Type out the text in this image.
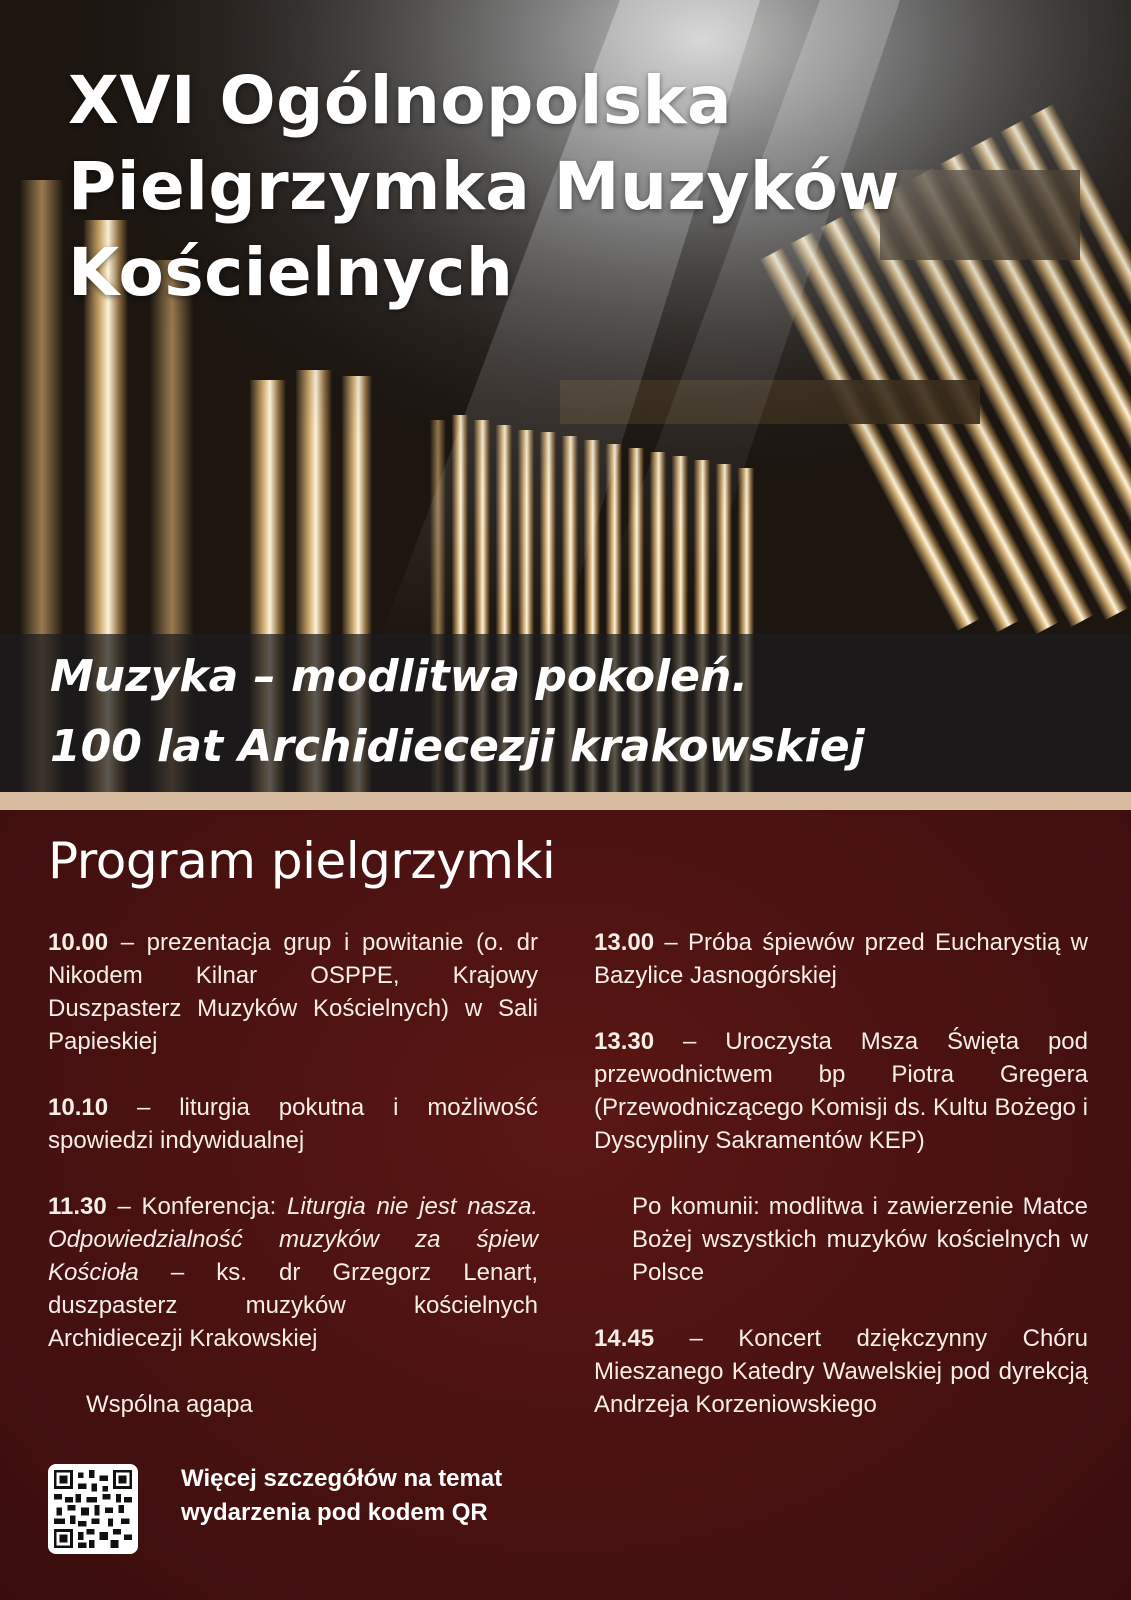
XVI Ogólnopolska
Pielgrzymka Muzyków
Kościelnych
Muzyka – modlitwa pokoleń.
100 lat Archidiecezji krakowskiej
Program pielgrzymki

10.00 – prezentacja grup i powitanie (o. dr Nikodem Kilnar OSPPE, Krajowy Duszpasterz Muzyków Kościelnych) w Sali Papieskiej

10.10 – liturgia pokutna i możliwość spowiedzi indywidualnej

11.30 – Konferencja: Liturgia nie jest nasza. Odpowiedzialność muzyków za śpiew Kościoła – ks. dr Grzegorz Lenart, duszpasterz muzyków kościelnych Archidiecezji Krakowskiej

Wspólna agapa

13.00 – Próba śpiewów przed Eucharystią w Bazylice Jasnogórskiej

13.30 – Uroczysta Msza Święta pod przewodnictwem bp Piotra Gregera (Przewodniczącego Komisji ds. Kultu Bożego i Dyscypliny Sakramentów KEP)

Po komunii: modlitwa i zawierzenie Matce Bożej wszystkich muzyków kościelnych w Polsce

14.45 – Koncert dziękczynny Chóru Mieszanego Katedry Wawelskiej pod dyrekcją Andrzeja Korzeniowskiego

Więcej szczegółów na temat
wydarzenia pod kodem QR
